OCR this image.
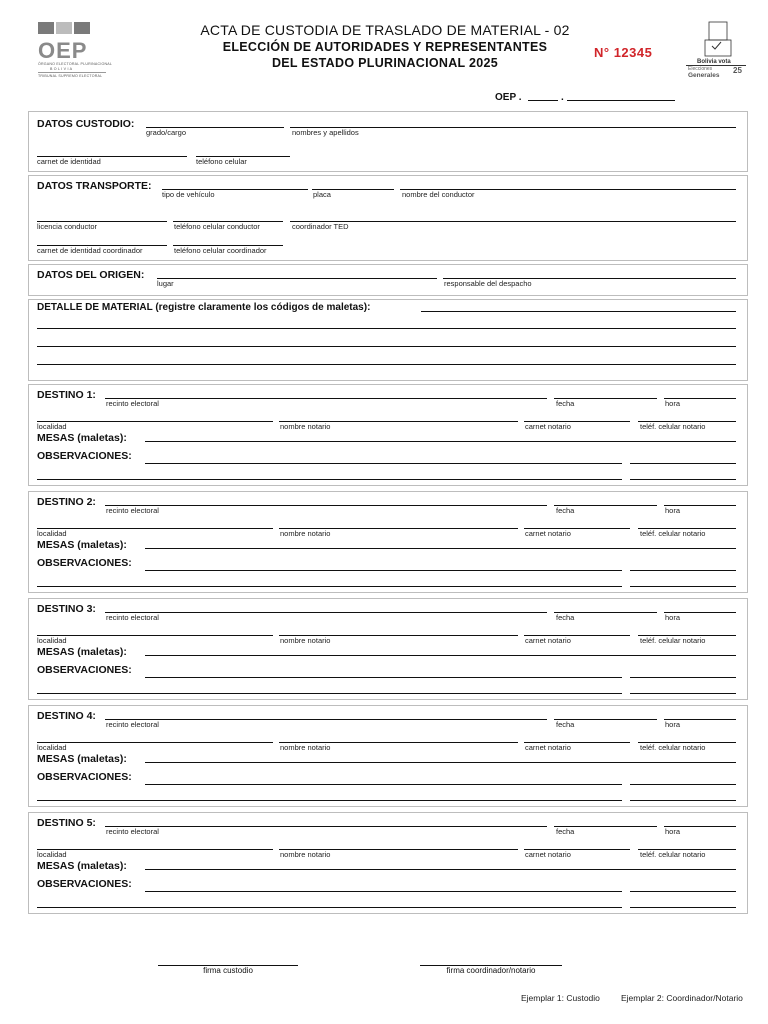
OEP
ÓRGANO ELECTORAL PLURINACIONAL
B O L I V I A
TRIBUNAL SUPREMO ELECTORAL
ACTA DE CUSTODIA DE TRASLADO DE MATERIAL - 02
ELECCIÓN DE AUTORIDADES Y REPRESENTANTES
DEL ESTADO PLURINACIONAL 2025
N° 12345
Bolivia vota
Elecciones
Generales
25
OEP .	.
DATOS CUSTODIO:
grado/cargo	nombres y apellidos
carnet de identidad	teléfono celular
DATOS TRANSPORTE:
tipo de vehículo	placa	nombre del conductor
licencia conductor	teléfono celular conductor	coordinador TED
carnet de identidad coordinador	teléfono celular coordinador
DATOS DEL ORIGEN:
lugar	responsable del despacho
DETALLE DE MATERIAL (registre claramente los códigos de maletas):
DESTINO 1:
recinto electoral	fecha	hora
localidad	nombre notario	carnet notario	teléf. celular notario
MESAS (maletas):
OBSERVACIONES:
DESTINO 2:
recinto electoral	fecha	hora
localidad	nombre notario	carnet notario	teléf. celular notario
MESAS (maletas):
OBSERVACIONES:
DESTINO 3:
recinto electoral	fecha	hora
localidad	nombre notario	carnet notario	teléf. celular notario
MESAS (maletas):
OBSERVACIONES:
DESTINO 4:
recinto electoral	fecha	hora
localidad	nombre notario	carnet notario	teléf. celular notario
MESAS (maletas):
OBSERVACIONES:
DESTINO 5:
recinto electoral	fecha	hora
localidad	nombre notario	carnet notario	teléf. celular notario
MESAS (maletas):
OBSERVACIONES:
firma custodio	firma coordinador/notario
Ejemplar 1: Custodio Ejemplar 2: Coordinador/Notario
